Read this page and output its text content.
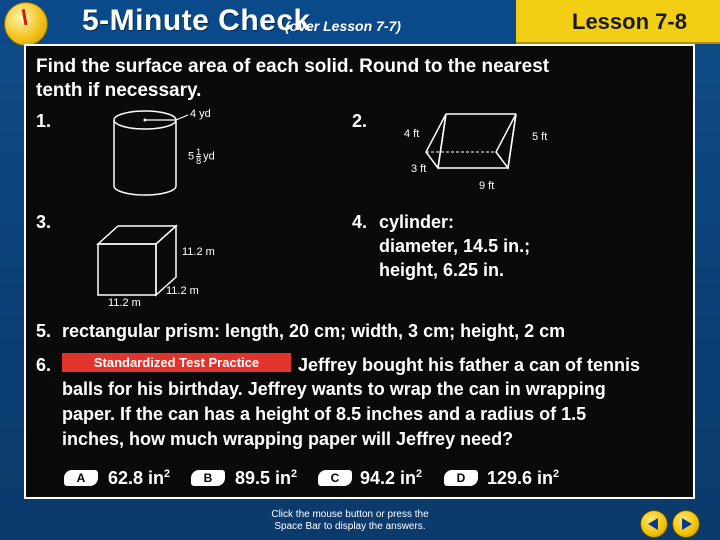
5-Minute Check
(over Lesson 7-7)	Lesson 7-8
Find the surface area of each solid. Round to the nearest
tenth if necessary.
1.	4 yd
$5 \frac{1}{8}$ yd
2.
4 ft	5 ft
3 ft
9 ft
3.
11.2 m
11.2 m
11.2 m
4. cylinder:
diameter, 14.5 in.;
height, 6.25 in.
5. rectangular prism: length, 20 cm; width, 3 cm; height, 2 cm
6.	Standardized Test Practice	Jeffrey bought his father a can of tennis
balls for his birthday. Jeffrey wants to wrap the can in wrapping
paper. If the can has a height of 8.5 inches and a radius of 1.5
inches, how much wrapping paper will Jeffrey need?
A	62.8 $in^2$	B	89.5 $in^2$	C	94.2 $in^2$	D	129.6 $in^2$
Click the mouse button or press the
Space Bar to display the answers.
